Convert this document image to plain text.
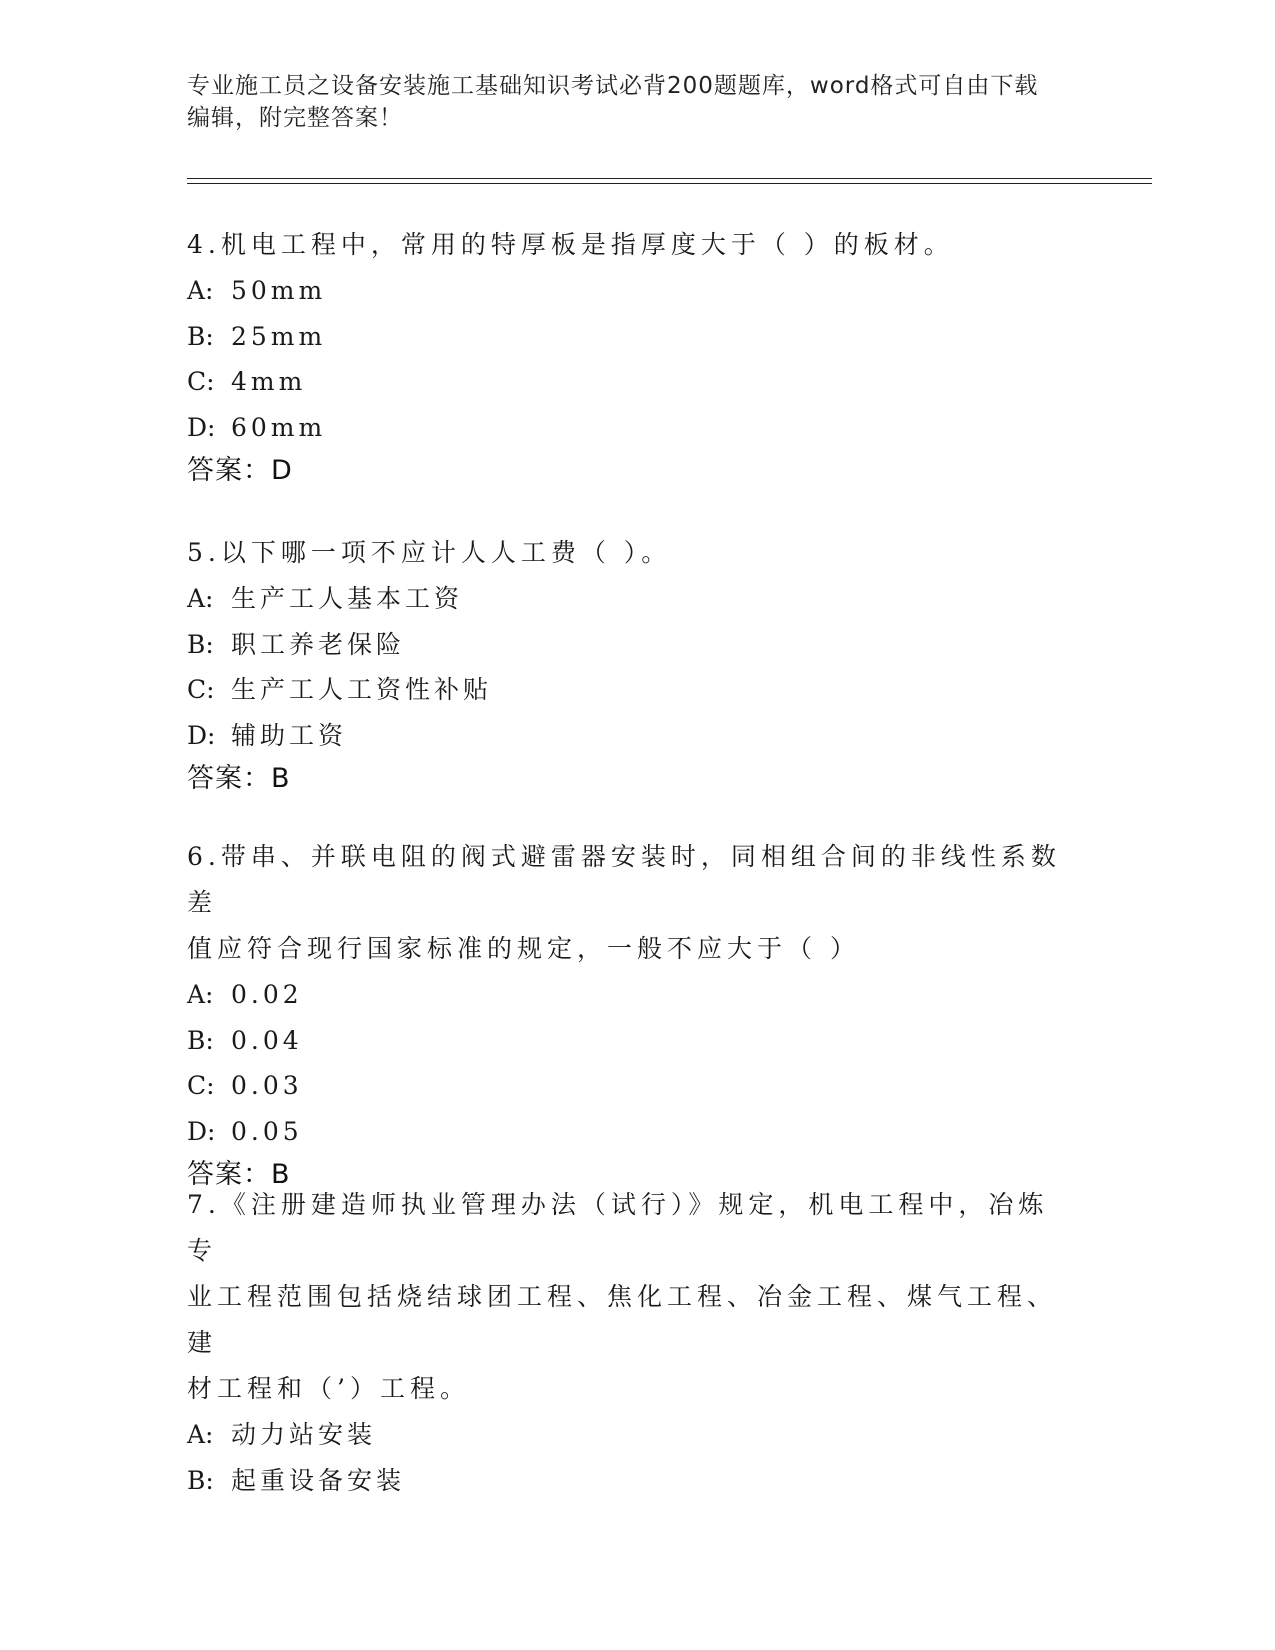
专业施工员之设备安装施工基础知识考试必背200题题库，word格式可自由下载
编辑，附完整答案！

4.机电工程中，常用的特厚板是指厚度大于（ ）的板材。

A: 50mm

B: 25mm

C: 4mm

D: 60mm

答案：D

5.以下哪一项不应计人人工费（ ）。

A: 生产工人基本工资

B: 职工养老保险

C: 生产工人工资性补贴

D: 辅助工资

答案：B

6.带串、并联电阻的阀式避雷器安装时，同相组合间的非线性系数差

值应符合现行国家标准的规定，一般不应大于（ ）

A: 0.02

B: 0.04

C: 0.03

D: 0.05

答案：B

7.《注册建造师执业管理办法（试行）》规定，机电工程中，冶炼专

业工程范围包括烧结球团工程、焦化工程、冶金工程、煤气工程、建

材工程和（’）工程。

A: 动力站安装

B: 起重设备安装
